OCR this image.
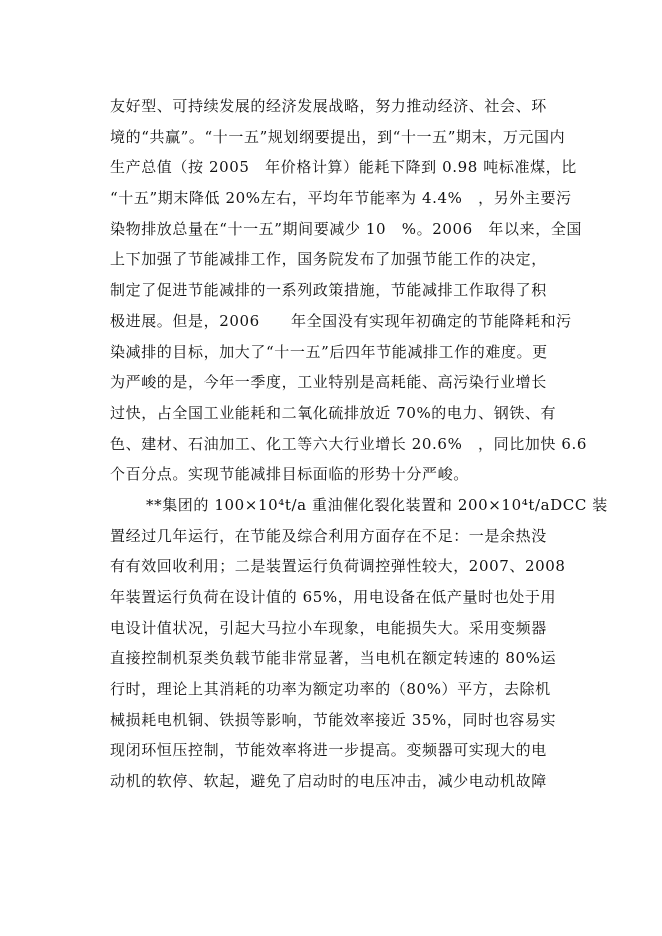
友好型、可持续发展的经济发展战略，努力推动经济、社会、环
境的“共赢”。“十一五”规划纲要提出，到“十一五”期末，万元国内
生产总值（按 2005　年价格计算）能耗下降到 0.98 吨标准煤，比
“十五”期末降低 20%左右，平均年节能率为 4.4%　，另外主要污
染物排放总量在“十一五”期间要减少 10　%。2006　年以来，全国
上下加强了节能减排工作，国务院发布了加强节能工作的决定，
制定了促进节能减排的一系列政策措施，节能减排工作取得了积
极进展。但是，2006　　年全国没有实现年初确定的节能降耗和污
染减排的目标，加大了“十一五”后四年节能减排工作的难度。更
为严峻的是，今年一季度，工业特别是高耗能、高污染行业增长
过快，占全国工业能耗和二氧化硫排放近 70%的电力、钢铁、有
色、建材、石油加工、化工等六大行业增长 20.6%　，同比加快 6.6
个百分点。实现节能减排目标面临的形势十分严峻。
**集团的 100×10⁴t/a 重油催化裂化装置和 200×10⁴t/aDCC 装
置经过几年运行，在节能及综合利用方面存在不足：一是余热没
有有效回收利用；二是装置运行负荷调控弹性较大，2007、2008
年装置运行负荷在设计值的 65%，用电设备在低产量时也处于用
电设计值状况，引起大马拉小车现象，电能损失大。采用变频器
直接控制机泵类负载节能非常显著，当电机在额定转速的 80%运
行时，理论上其消耗的功率为额定功率的（80%）平方，去除机
械损耗电机铜、铁损等影响，节能效率接近 35%，同时也容易实
现闭环恒压控制，节能效率将进一步提高。变频器可实现大的电
动机的软停、软起，避免了启动时的电压冲击，减少电动机故障
